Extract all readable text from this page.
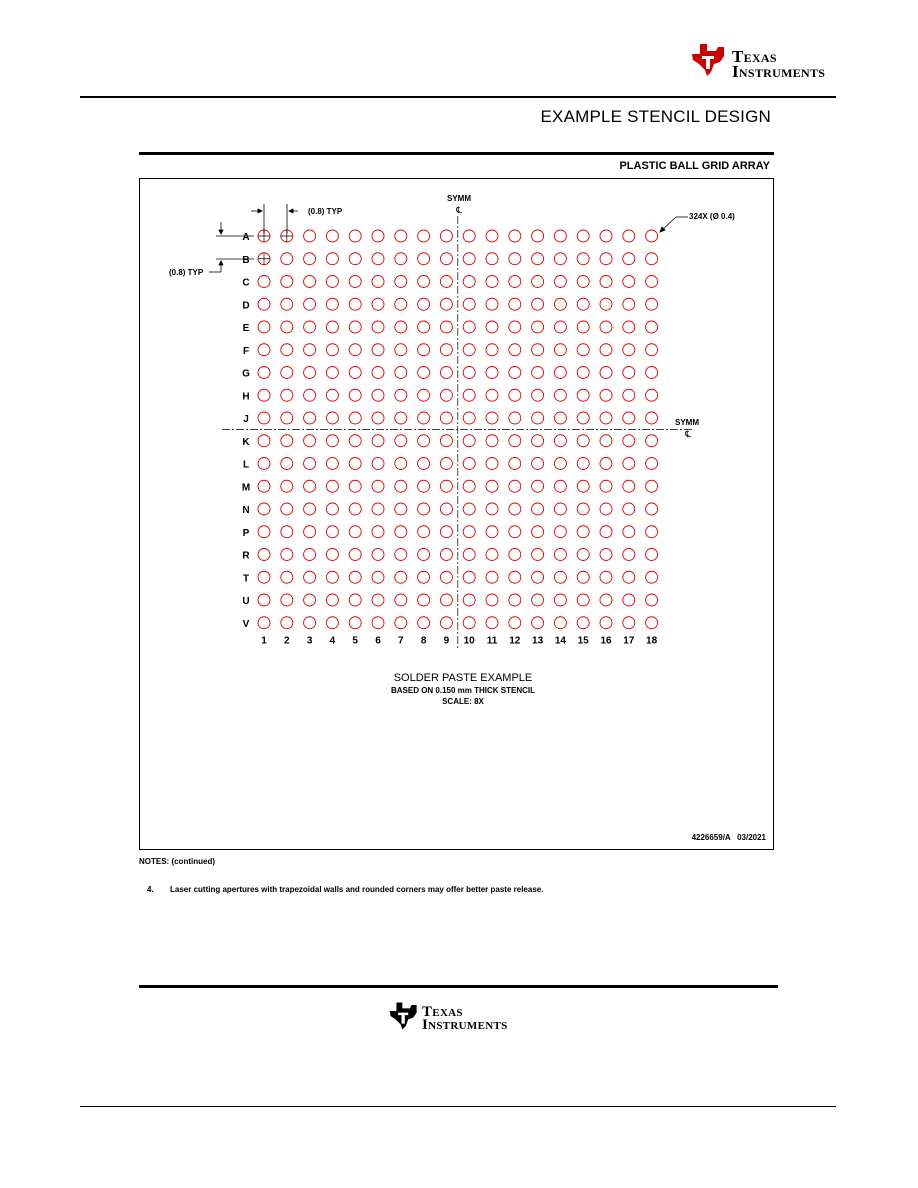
Texas
Instruments
EXAMPLE STENCIL DESIGN
PLASTIC BALL GRID ARRAY
A
B
C
D
E
F
G
H
J
K
L
M
N
P
R
T
U
V
1 2 3 4 5 6 7 8 9 10 11 12 13 14 15 16 17 18
SYMM
℄
SYMM
℄
(0.8) TYP
(0.8) TYP
324X (Ø 0.4)
SOLDER PASTE EXAMPLE
BASED ON 0.150 mm THICK STENCIL
SCALE: 8X
4226659/A   03/2021
NOTES: (continued)
4. Laser cutting apertures with trapezoidal walls and rounded corners may offer better paste release.
Texas
Instruments
